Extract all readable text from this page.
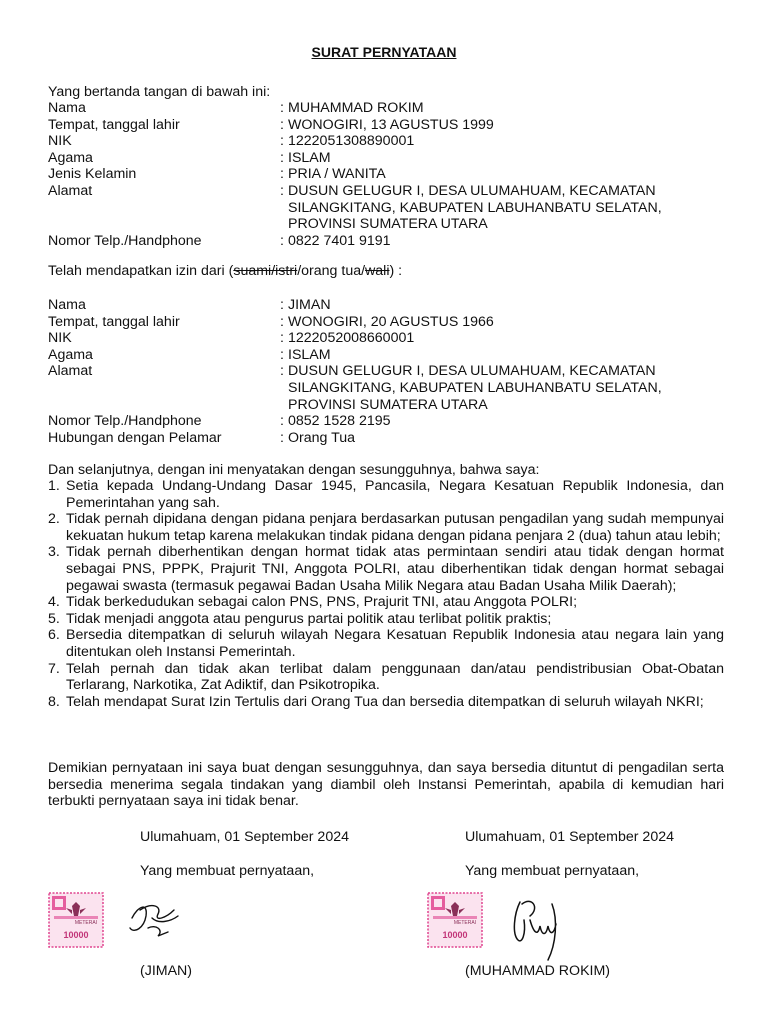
SURAT PERNYATAAN
Yang bertanda tangan di bawah ini:
Nama	: MUHAMMAD ROKIM
Tempat, tanggal lahir	: WONOGIRI, 13 AGUSTUS 1999
NIK	: 1222051308890001
Agama	: ISLAM
Jenis Kelamin	: PRIA / WANITA
Alamat	: DUSUN GELUGUR I, DESA ULUMAHUAM, KECAMATAN
SILANGKITANG, KABUPATEN LABUHANBATU SELATAN,
PROVINSI SUMATERA UTARA
Nomor Telp./Handphone	: 0822 7401 9191
Telah mendapatkan izin dari (suami/istri/orang tua/wali) :
Nama	: JIMAN
Tempat, tanggal lahir	: WONOGIRI, 20 AGUSTUS 1966
NIK	: 1222052008660001
Agama	: ISLAM
Alamat	: DUSUN GELUGUR I, DESA ULUMAHUAM, KECAMATAN
SILANGKITANG, KABUPATEN LABUHANBATU SELATAN,
PROVINSI SUMATERA UTARA
Nomor Telp./Handphone	: 0852 1528 2195
Hubungan dengan Pelamar	: Orang Tua
Dan selanjutnya, dengan ini menyatakan dengan sesungguhnya, bahwa saya:
1. Setia kepada Undang-Undang Dasar 1945, Pancasila, Negara Kesatuan Republik Indonesia, dan Pemerintahan yang sah.
2. Tidak pernah dipidana dengan pidana penjara berdasarkan putusan pengadilan yang sudah mempunyai kekuatan hukum tetap karena melakukan tindak pidana dengan pidana penjara 2 (dua) tahun atau lebih;
3. Tidak pernah diberhentikan dengan hormat tidak atas permintaan sendiri atau tidak dengan hormat sebagai PNS, PPPK, Prajurit TNI, Anggota POLRI, atau diberhentikan tidak dengan hormat sebagai pegawai swasta (termasuk pegawai Badan Usaha Milik Negara atau Badan Usaha Milik Daerah);
4. Tidak berkedudukan sebagai calon PNS, PNS, Prajurit TNI, atau Anggota POLRI;
5. Tidak menjadi anggota atau pengurus partai politik atau terlibat politik praktis;
6. Bersedia ditempatkan di seluruh wilayah Negara Kesatuan Republik Indonesia atau negara lain yang ditentukan oleh Instansi Pemerintah.
7. Telah pernah dan tidak akan terlibat dalam penggunaan dan/atau pendistribusian Obat-Obatan Terlarang, Narkotika, Zat Adiktif, dan Psikotropika.
8. Telah mendapat Surat Izin Tertulis dari Orang Tua dan bersedia ditempatkan di seluruh wilayah NKRI;
Demikian pernyataan ini saya buat dengan sesungguhnya, dan saya bersedia dituntut di pengadilan serta bersedia menerima segala tindakan yang diambil oleh Instansi Pemerintah, apabila di kemudian hari terbukti pernyataan saya ini tidak benar.
Ulumahuam, 01 September 2024
Yang membuat pernyataan,
METERAI
10000
(JIMAN)
Ulumahuam, 01 September 2024
Yang membuat pernyataan,
METERAI
10000
(MUHAMMAD ROKIM)
